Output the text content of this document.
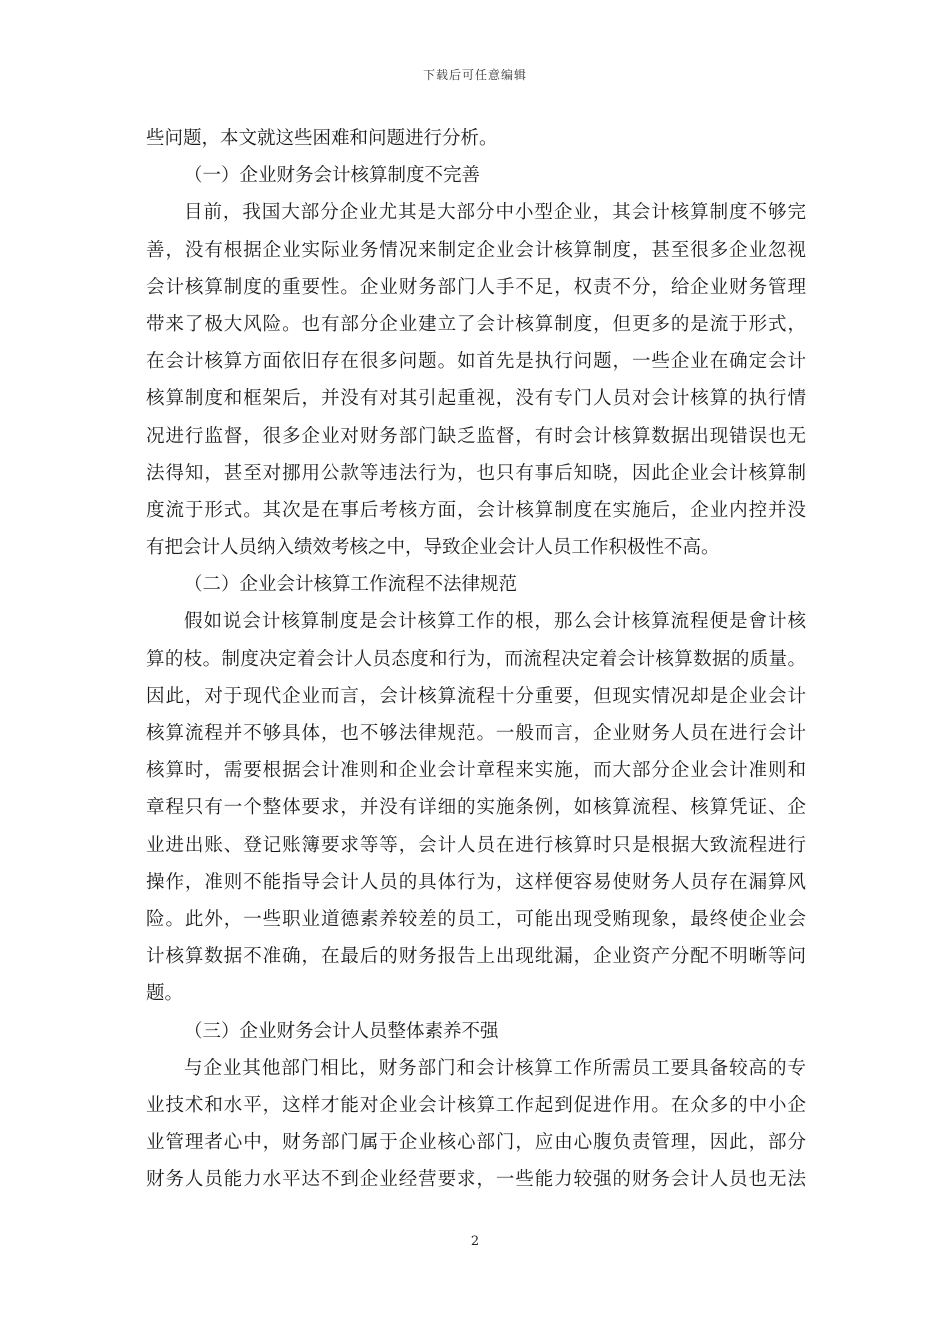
下载后可任意编辑
些问题，本文就这些困难和问题进行分析。
（一）企业财务会计核算制度不完善
目前，我国大部分企业尤其是大部分中小型企业，其会计核算制度不够完
善，没有根据企业实际业务情况来制定企业会计核算制度，甚至很多企业忽视
会计核算制度的重要性。企业财务部门人手不足，权责不分，给企业财务管理
带来了极大风险。也有部分企业建立了会计核算制度，但更多的是流于形式，
在会计核算方面依旧存在很多问题。如首先是执行问题，一些企业在确定会计
核算制度和框架后，并没有对其引起重视，没有专门人员对会计核算的执行情
况进行监督，很多企业对财务部门缺乏监督，有时会计核算数据出现错误也无
法得知，甚至对挪用公款等违法行为，也只有事后知晓，因此企业会计核算制
度流于形式。其次是在事后考核方面，会计核算制度在实施后，企业内控并没
有把会计人员纳入绩效考核之中，导致企业会计人员工作积极性不高。
（二）企业会计核算工作流程不法律规范
假如说会计核算制度是会计核算工作的根，那么会计核算流程便是會计核
算的枝。制度决定着会计人员态度和行为，而流程决定着会计核算数据的质量。
因此，对于现代企业而言，会计核算流程十分重要，但现实情况却是企业会计
核算流程并不够具体，也不够法律规范。一般而言，企业财务人员在进行会计
核算时，需要根据会计准则和企业会计章程来实施，而大部分企业会计准则和
章程只有一个整体要求，并没有详细的实施条例，如核算流程、核算凭证、企
业进出账、登记账簿要求等等，会计人员在进行核算时只是根据大致流程进行
操作，准则不能指导会计人员的具体行为，这样便容易使财务人员存在漏算风
险。此外，一些职业道德素养较差的员工，可能出现受贿现象，最终使企业会
计核算数据不准确，在最后的财务报告上出现纰漏，企业资产分配不明晰等问
题。
（三）企业财务会计人员整体素养不强
与企业其他部门相比，财务部门和会计核算工作所需员工要具备较高的专
业技术和水平，这样才能对企业会计核算工作起到促进作用。在众多的中小企
业管理者心中，财务部门属于企业核心部门，应由心腹负责管理，因此，部分
财务人员能力水平达不到企业经营要求，一些能力较强的财务会计人员也无法
2
